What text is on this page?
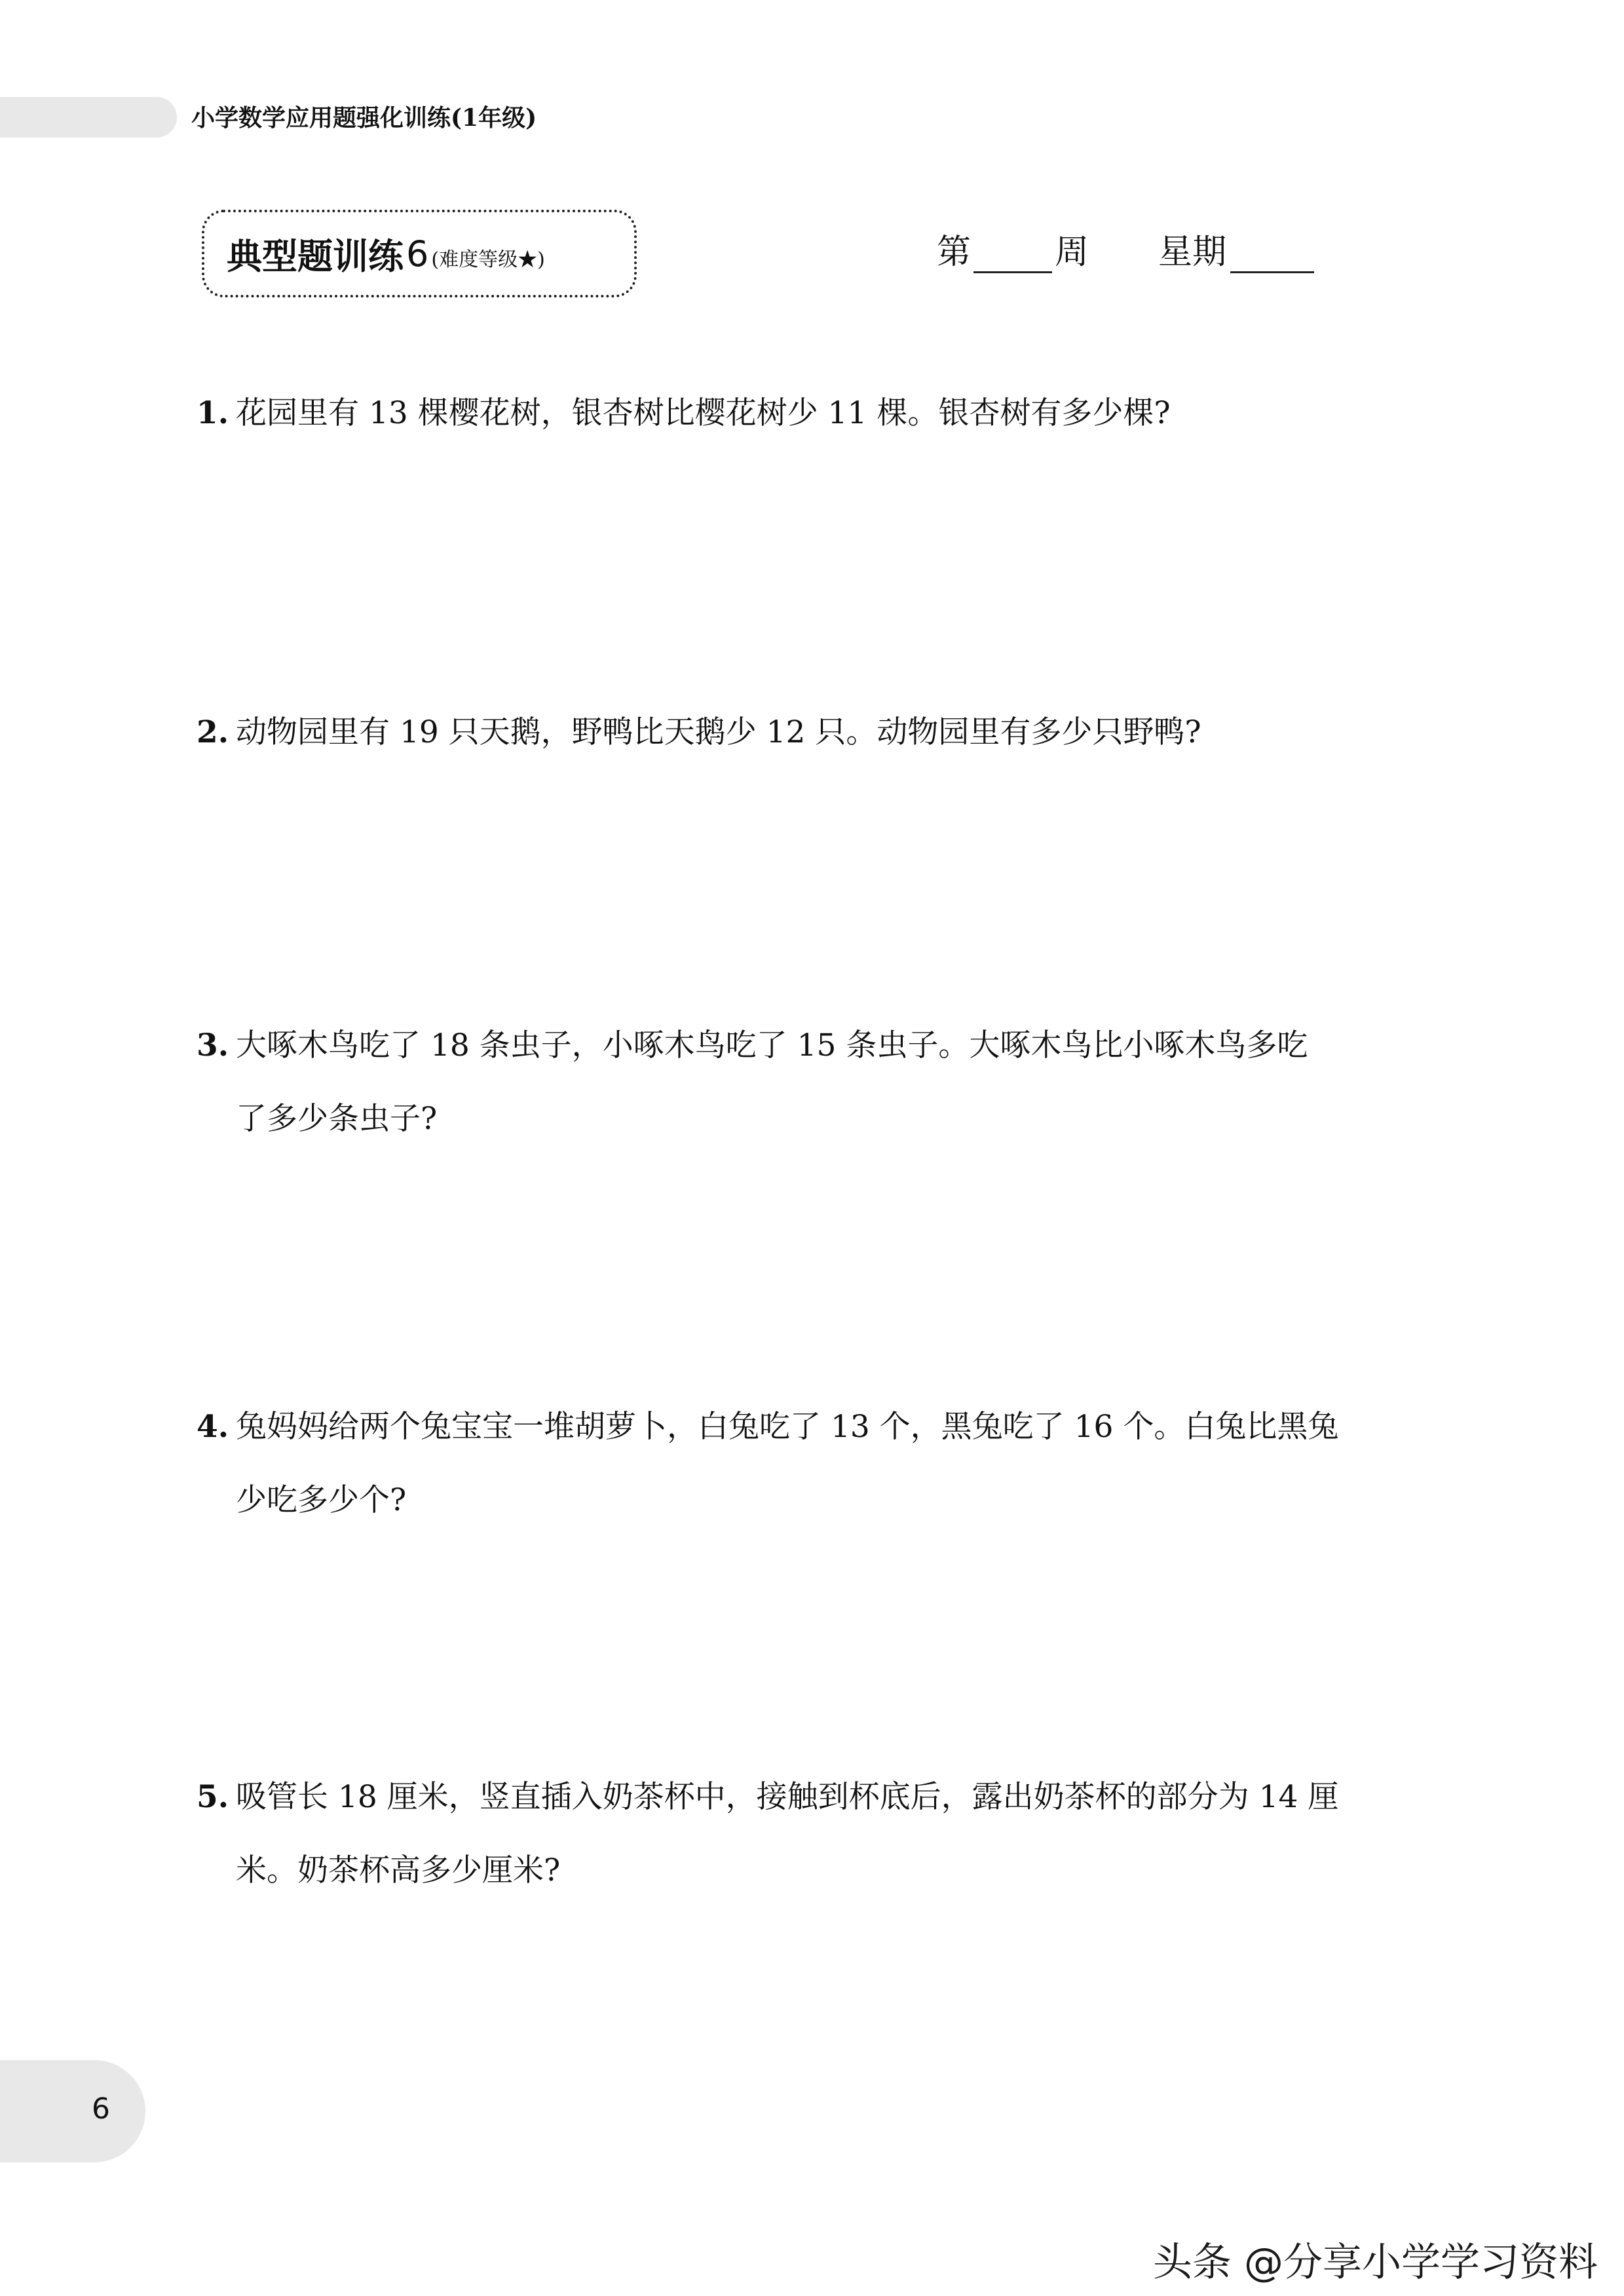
小学数学应用题强化训练(1年级)
典型题训练 6 (难度等级★)	第 周 星期
1. 花园里有 13 棵樱花树，银杏树比樱花树少 11 棵。银杏树有多少棵?
2. 动物园里有 19 只天鹅，野鸭比天鹅少 12 只。动物园里有多少只野鸭?
3. 大啄木鸟吃了 18 条虫子，小啄木鸟吃了 15 条虫子。大啄木鸟比小啄木鸟多吃
了多少条虫子?
4. 兔妈妈给两个兔宝宝一堆胡萝卜，白兔吃了 13 个，黑兔吃了 16 个。白兔比黑兔
少吃多少个?
5. 吸管长 18 厘米，竖直插入奶茶杯中，接触到杯底后，露出奶茶杯的部分为 14 厘
米。奶茶杯高多少厘米?
6
头条 @分享小学学习资料
